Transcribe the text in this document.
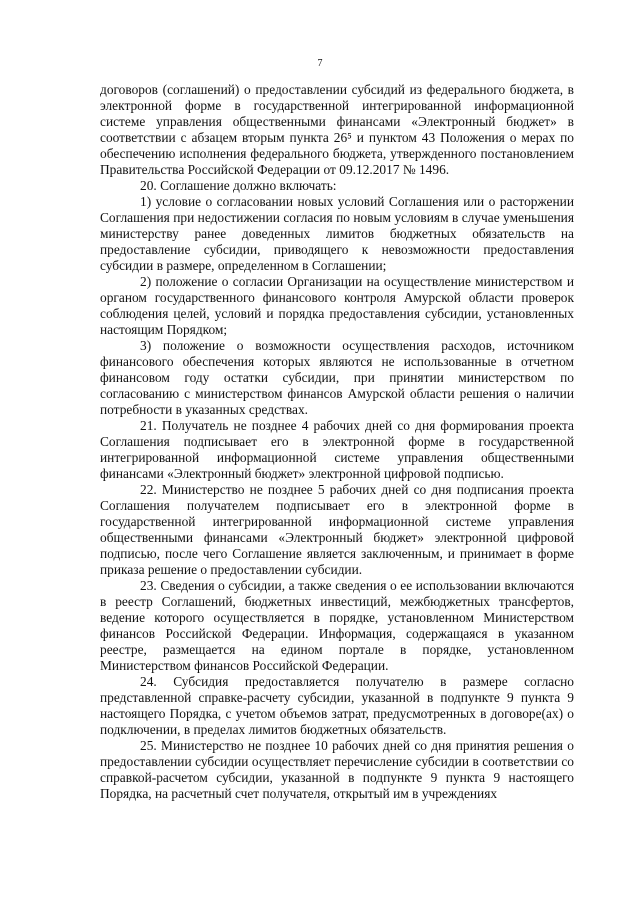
7

договоров (соглашений) о предоставлении субсидий из федерального бюджета, в электронной форме в государственной интегрированной информационной системе управления общественными финансами «Электронный бюджет» в соответствии с абзацем вторым пункта 26⁵ и пунктом 43 Положения о мерах по обеспечению исполнения федерального бюджета, утвержденного постановлением Правительства Российской Федерации от 09.12.2017 № 1496.

20. Соглашение должно включать:

1) условие о согласовании новых условий Соглашения или о расторжении Соглашения при недостижении согласия по новым условиям в случае уменьшения министерству ранее доведенных лимитов бюджетных обязательств на предоставление субсидии, приводящего к невозможности предоставления субсидии в размере, определенном в Соглашении;

2) положение о согласии Организации на осуществление министерством и органом государственного финансового контроля Амурской области проверок соблюдения целей, условий и порядка предоставления субсидии, установленных настоящим Порядком;

3) положение о возможности осуществления расходов, источником финансового обеспечения которых являются не использованные в отчетном финансовом году остатки субсидии, при принятии министерством по согласованию с министерством финансов Амурской области решения о наличии потребности в указанных средствах.

21. Получатель не позднее 4 рабочих дней со дня формирования проекта Соглашения подписывает его в электронной форме в государственной интегрированной информационной системе управления общественными финансами «Электронный бюджет» электронной цифровой подписью.

22. Министерство не позднее 5 рабочих дней со дня подписания проекта Соглашения получателем подписывает его в электронной форме в государственной интегрированной информационной системе управления общественными финансами «Электронный бюджет» электронной цифровой подписью, после чего Соглашение является заключенным, и принимает в форме приказа решение о предоставлении субсидии.

23. Сведения о субсидии, а также сведения о ее использовании включаются в реестр Соглашений, бюджетных инвестиций, межбюджетных трансфертов, ведение которого осуществляется в порядке, установленном Министерством финансов Российской Федерации. Информация, содержащаяся в указанном реестре, размещается на едином портале в порядке, установленном Министерством финансов Российской Федерации.

24. Субсидия предоставляется получателю в размере согласно представленной справке-расчету субсидии, указанной в подпункте 9 пункта 9 настоящего Порядка, с учетом объемов затрат, предусмотренных в договоре(ах) о подключении, в пределах лимитов бюджетных обязательств.

25. Министерство не позднее 10 рабочих дней со дня принятия решения о предоставлении субсидии осуществляет перечисление субсидии в соответствии со справкой-расчетом субсидии, указанной в подпункте 9 пункта 9 настоящего Порядка, на расчетный счет получателя, открытый им в учреждениях
